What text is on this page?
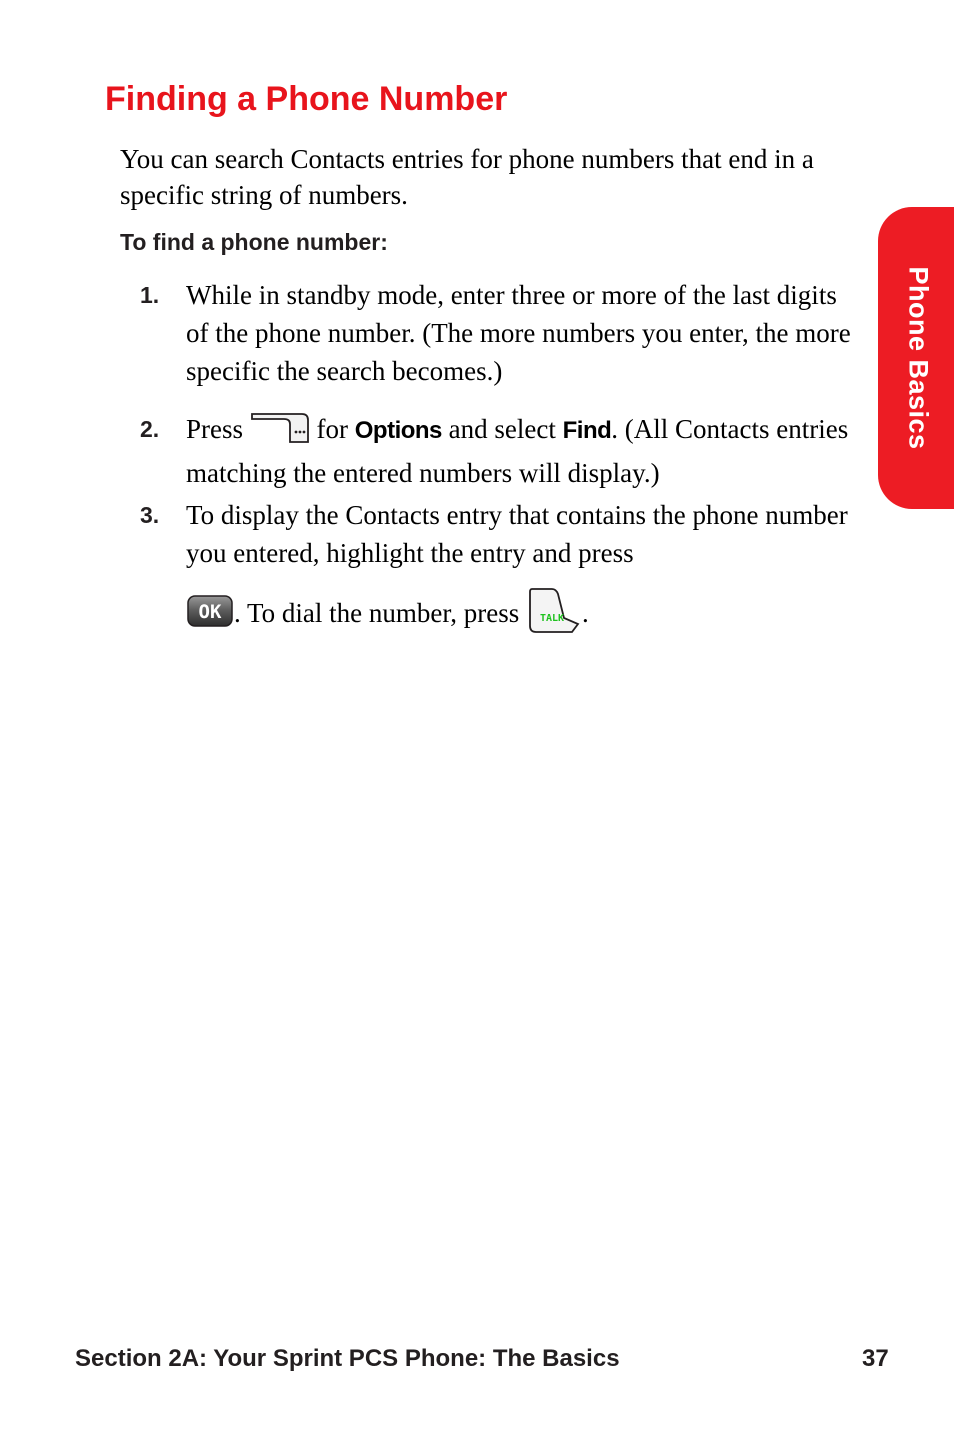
Finding a Phone Number

You can search Contacts entries for phone numbers that end in a specific string of numbers.

To find a phone number:

1. While in standby mode, enter three or more of the last digits of the phone number. (The more numbers you enter, the more specific the search becomes.)

2. Press	for Options and select Find. (All Contacts entries matching the entered numbers will display.)

3. To display the Contacts entry that contains the phone number you entered, highlight the entry and press

OK . To dial the number, press TALK .

Phone Basics
Section 2A: Your Sprint PCS Phone: The Basics	37
